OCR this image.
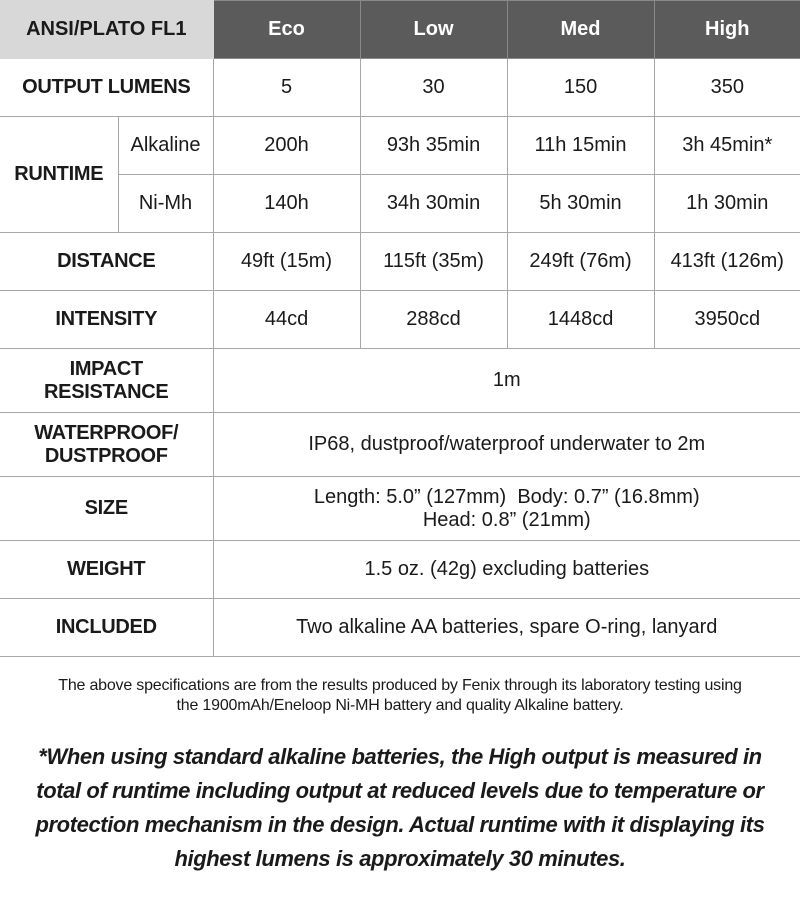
ANSI/PLATO FL1		Eco	Low	Med	High
OUTPUT LUMENS		5	30	150	350
RUNTIME	Alkaline	200h	93h 35min	11h 15min	3h 45min*
	Ni-Mh	140h	34h 30min	5h 30min	1h 30min
DISTANCE		49ft (15m)	115ft (35m)	249ft (76m)	413ft (126m)
INTENSITY		44cd	288cd	1448cd	3950cd

IMPACT
RESISTANCE		1m			

WATERPROOF/
DUSTPROOF		IP68, dustproof/waterproof underwater to 2m			
SIZE		Length: 5.0” (127mm)  Body: 0.7” (16.8mm)
Head: 0.8” (21mm)			

WEIGHT		1.5 oz. (42g) excluding batteries			
INCLUDED		Two alkaline AA batteries, spare O-ring, lanyard			
The above specifications are from the results produced by Fenix through its laboratory testing using
the 1900mAh/Eneloop Ni-MH battery and quality Alkaline battery.
*When using standard alkaline batteries, the High output is measured in
total of runtime including output at reduced levels due to temperature or
protection mechanism in the design. Actual runtime with it displaying its
highest lumens is approximately 30 minutes.
